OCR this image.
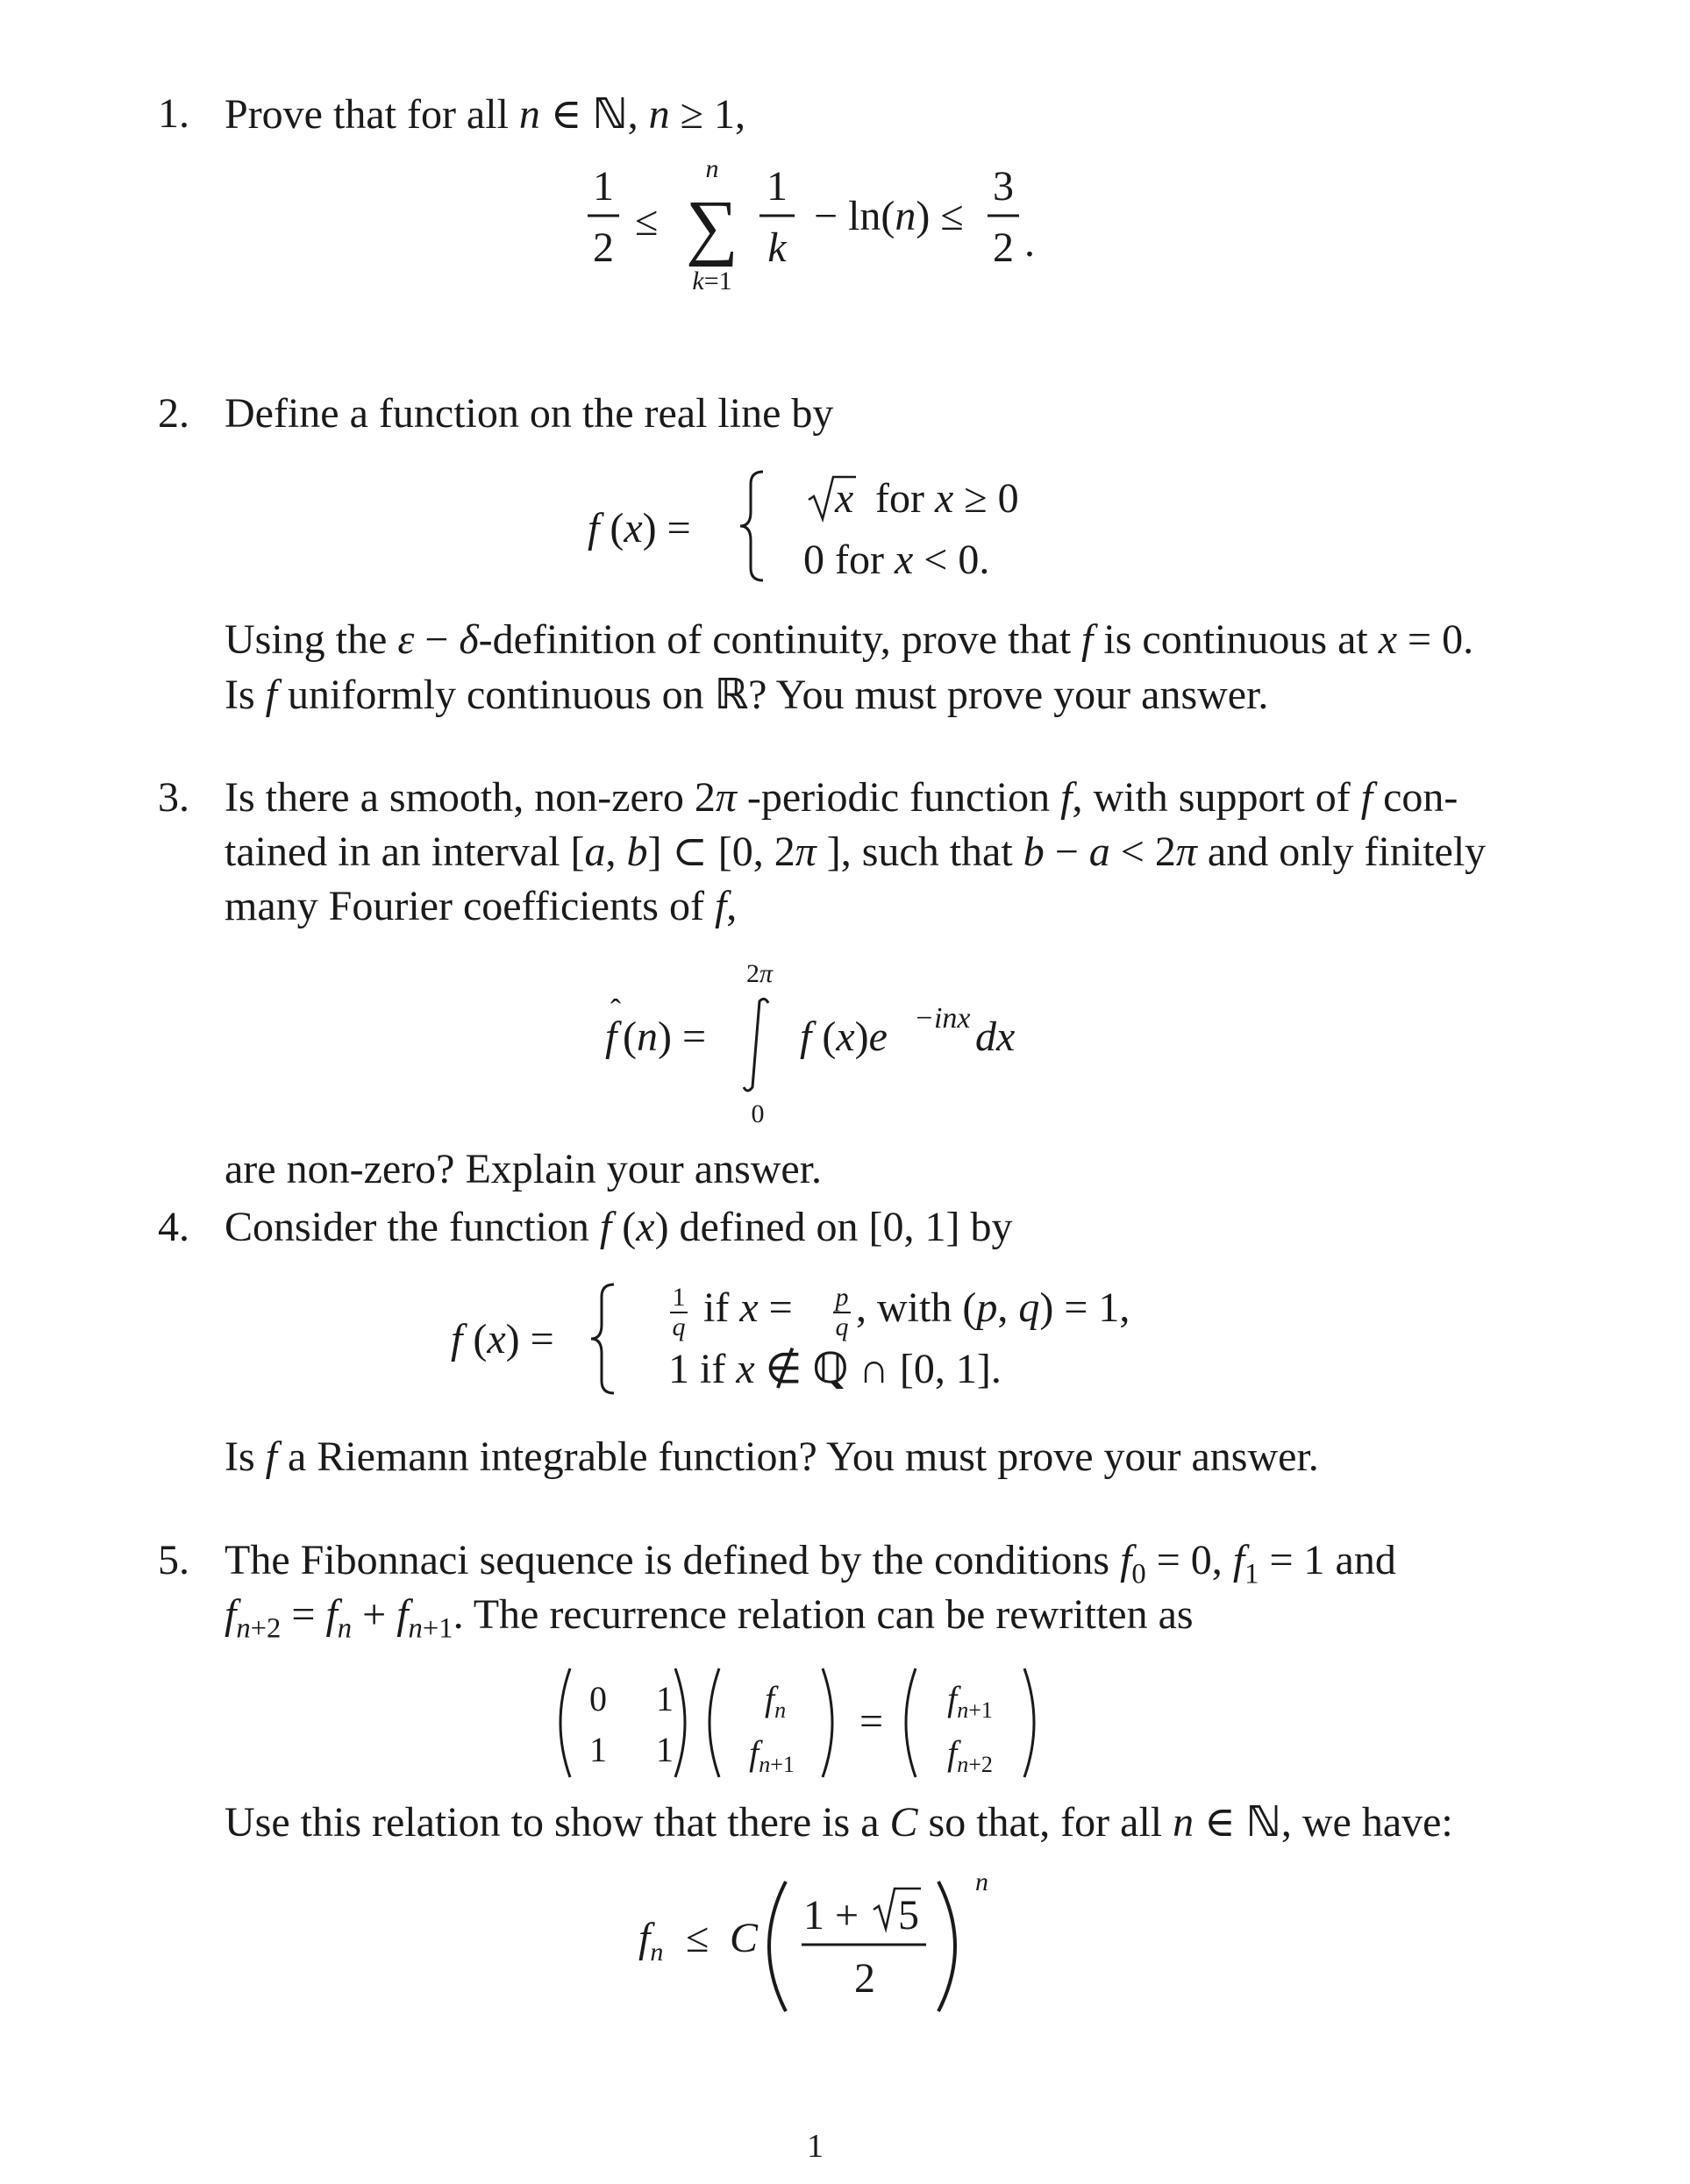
1. Prove that for all n ∈ ℕ, n ≥ 1,
1
2
≤
n
∑
k=1
1
k
− ln(n) ≤
3
2 .
2. Define a function on the real line by
f (x) =
x for x ≥ 0
0 for x < 0.
Using the ε − δ-definition of continuity, prove that f is continuous at x = 0.
Is f uniformly continuous on ℝ? You must prove your answer.
3. Is there a smooth, non-zero 2π -periodic function f, with support of f con-
tained in an interval [a, b] ⊂ [0, 2π ], such that b − a < 2π and only finitely
many Fourier coefficients of f,
f
ˆ
(n) =
2π
0
f (x)e −inx dx
are non-zero? Explain your answer.
4. Consider the function f (x) defined on [0, 1] by
f (x) =
1
q if x = p
q , with (p, q) = 1,
1 if x ∉ ℚ ∩ [0, 1].
Is f a Riemann integrable function? You must prove your answer.
5. The Fibonnaci sequence is defined by the conditions $f_0 = 0$, $f_1 = 1$ and
$f_{n+2} = f_n + f_{n+1}$. The recurrence relation can be rewritten as
0 1
1 1
$f_n$
$f_n+1$
= $f_n+1$
$f_n+2$
Use this relation to show that there is a C so that, for all n ∈ ℕ, we have:
$f_n \le C$ 1 + 5
2
n
1
